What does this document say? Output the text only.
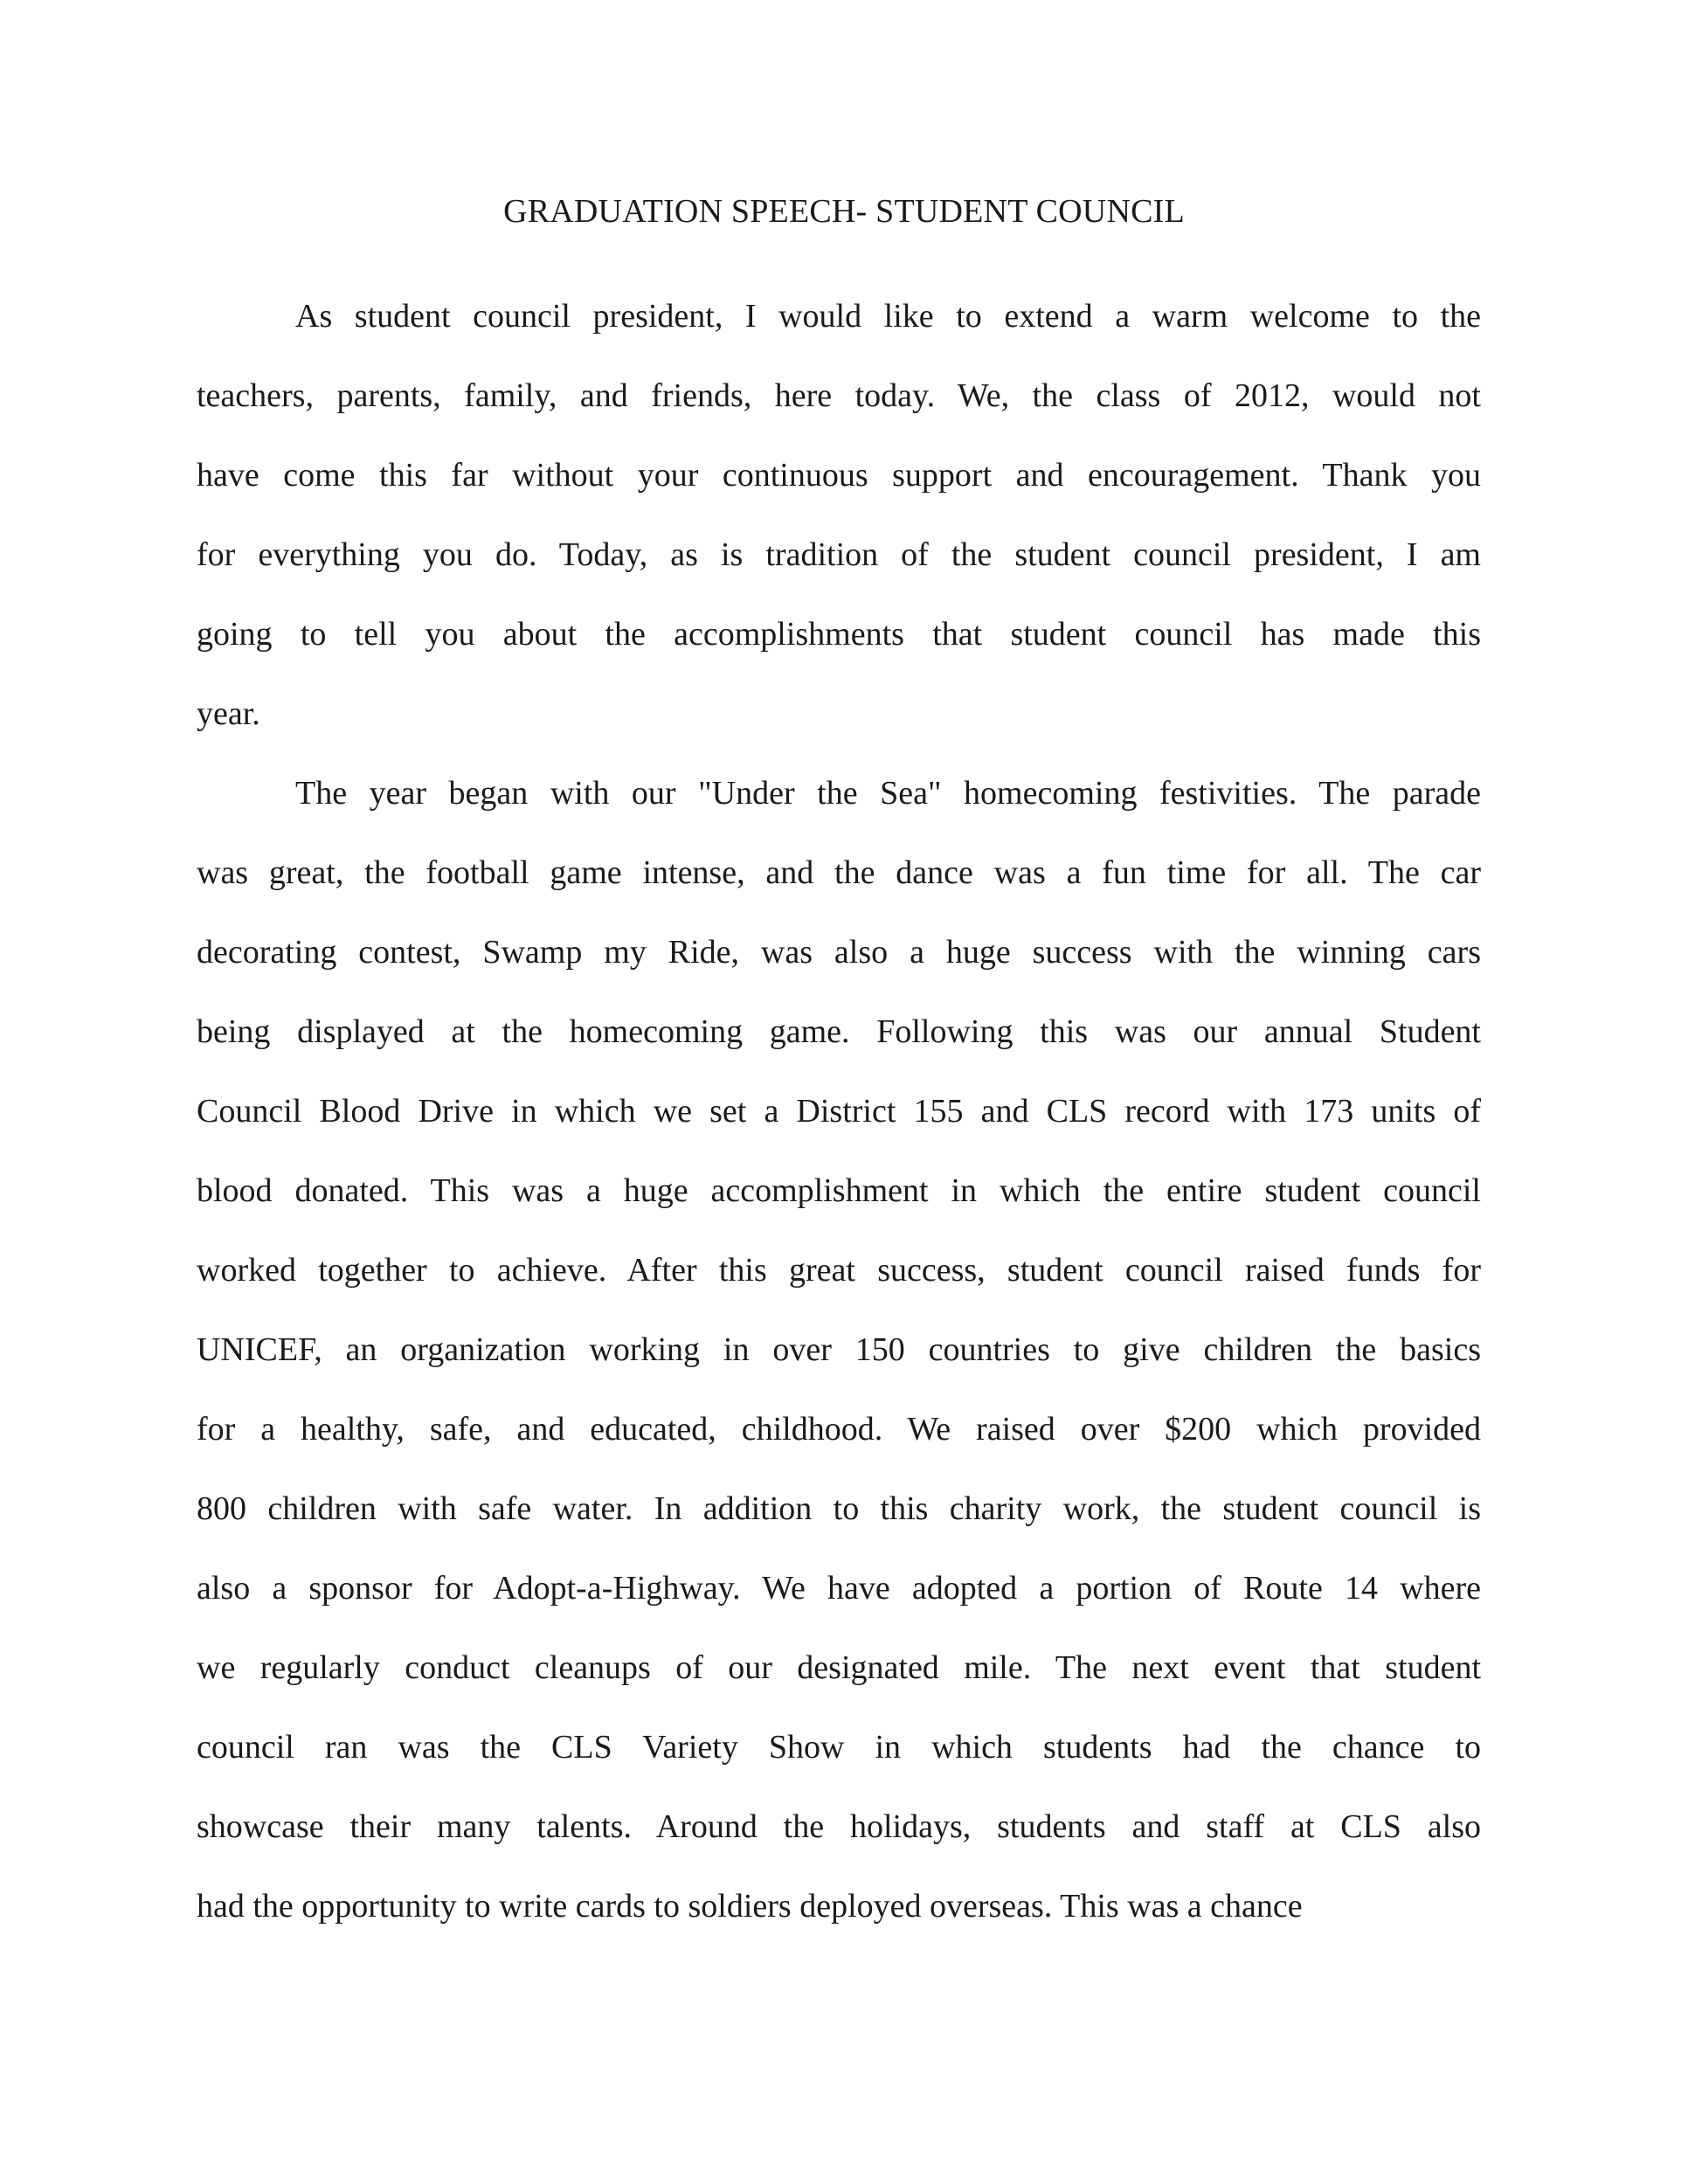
GRADUATION SPEECH- STUDENT COUNCIL
As student council president, I would like to extend a warm welcome to the
teachers, parents, family, and friends, here today. We, the class of 2012, would not
have come this far without your continuous support and encouragement. Thank you
for everything you do. Today, as is tradition of the student council president, I am
going to tell you about the accomplishments that student council has made this
year.
The year began with our "Under the Sea" homecoming festivities. The parade
was great, the football game intense, and the dance was a fun time for all. The car
decorating contest, Swamp my Ride, was also a huge success with the winning cars
being displayed at the homecoming game. Following this was our annual Student
Council Blood Drive in which we set a District 155 and CLS record with 173 units of
blood donated. This was a huge accomplishment in which the entire student council
worked together to achieve. After this great success, student council raised funds for
UNICEF, an organization working in over 150 countries to give children the basics
for a healthy, safe, and educated, childhood. We raised over $200 which provided
800 children with safe water. In addition to this charity work, the student council is
also a sponsor for Adopt-a-Highway. We have adopted a portion of Route 14 where
we regularly conduct cleanups of our designated mile. The next event that student
council ran was the CLS Variety Show in which students had the chance to
showcase their many talents. Around the holidays, students and staff at CLS also
had the opportunity to write cards to soldiers deployed overseas. This was a chance
